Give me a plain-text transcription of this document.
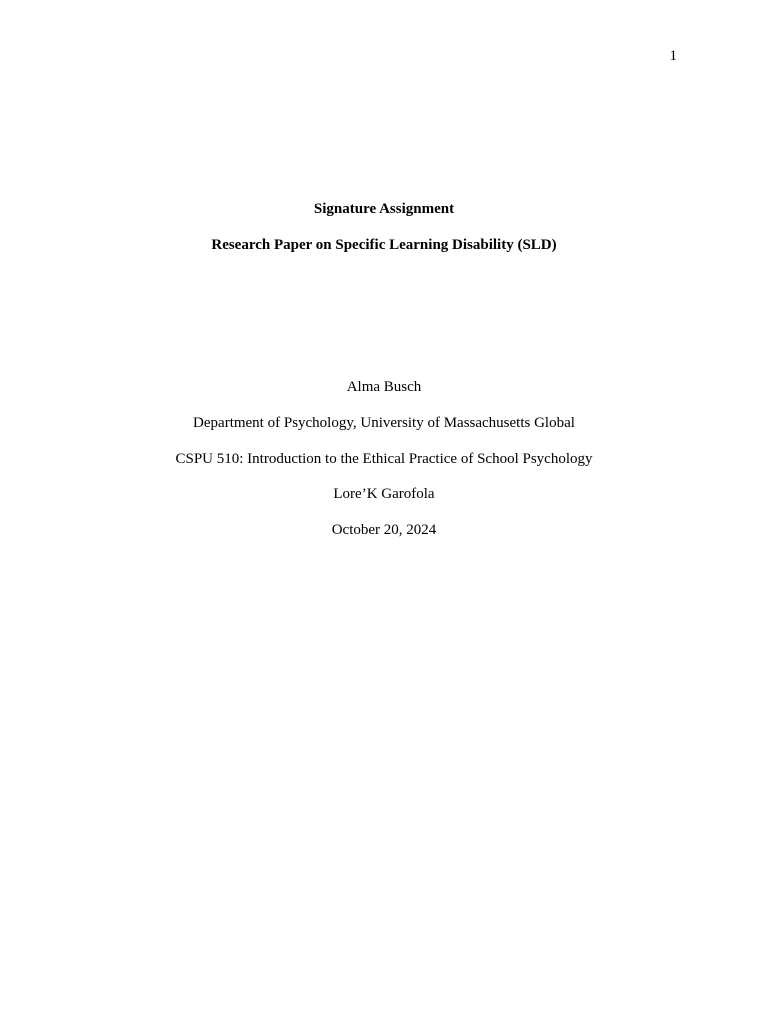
1
Signature Assignment
Research Paper on Specific Learning Disability (SLD)
Alma Busch
Department of Psychology, University of Massachusetts Global
CSPU 510: Introduction to the Ethical Practice of School Psychology
Lore’K Garofola
October 20, 2024
